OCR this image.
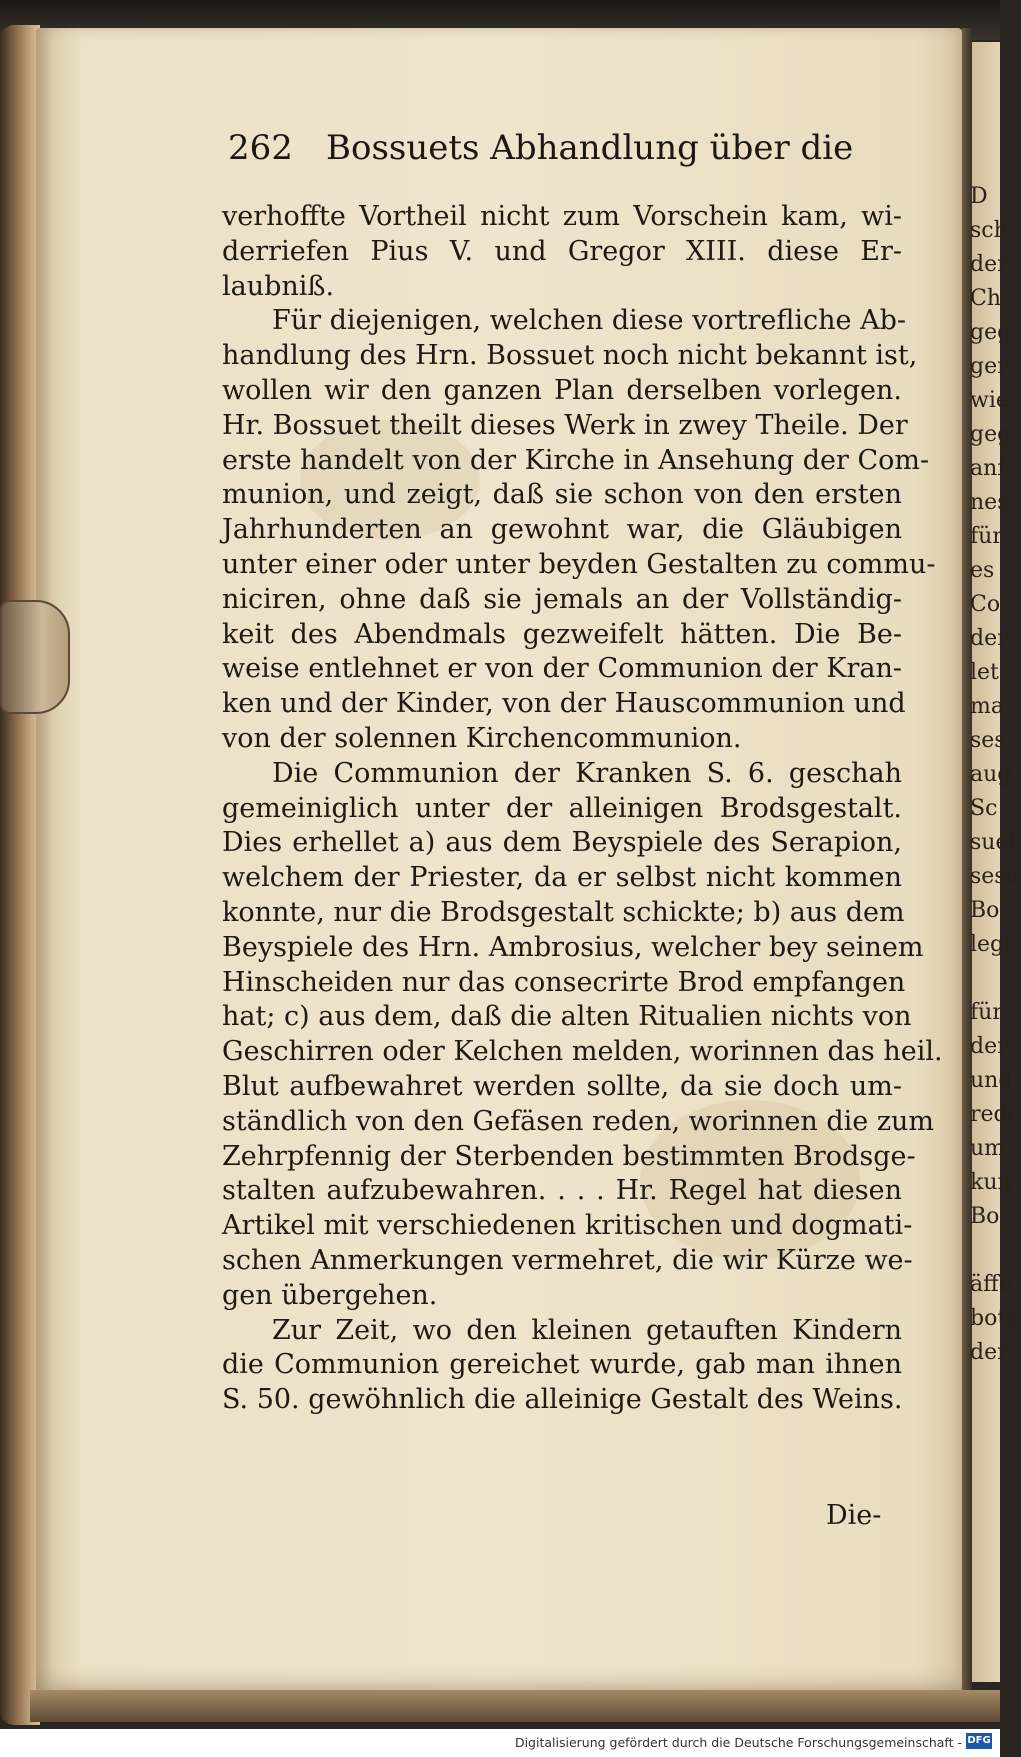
262 Bossuets Abhandlung über die
verhoffte Vortheil nicht zum Vorschein kam, wi-
derriefen Pius V. und Gregor XIII. diese Er-
laubniß.
Für diejenigen, welchen diese vortrefliche Ab-
handlung des Hrn. Bossuet noch nicht bekannt ist,
wollen wir den ganzen Plan derselben vorlegen.
Hr. Bossuet theilt dieses Werk in zwey Theile. Der
erste handelt von der Kirche in Ansehung der Com-
munion, und zeigt, daß sie schon von den ersten
Jahrhunderten an gewohnt war, die Gläubigen
unter einer oder unter beyden Gestalten zu commu-
niciren, ohne daß sie jemals an der Vollständig-
keit des Abendmals gezweifelt hätten. Die Be-
weise entlehnet er von der Communion der Kran-
ken und der Kinder, von der Hauscommunion und
von der solennen Kirchencommunion.
Die Communion der Kranken S. 6. geschah
gemeiniglich unter der alleinigen Brodsgestalt.
Dies erhellet a) aus dem Beyspiele des Serapion,
welchem der Priester, da er selbst nicht kommen
konnte, nur die Brodsgestalt schickte; b) aus dem
Beyspiele des Hrn. Ambrosius, welcher bey seinem
Hinscheiden nur das consecrirte Brod empfangen
hat; c) aus dem, daß die alten Ritualien nichts von
Geschirren oder Kelchen melden, worinnen das heil.
Blut aufbewahret werden sollte, da sie doch um-
ständlich von den Gefäsen reden, worinnen die zum
Zehrpfennig der Sterbenden bestimmten Brodsge-
stalten aufzubewahren. . . . Hr. Regel hat diesen
Artikel mit verschiedenen kritischen und dogmati-
schen Anmerkungen vermehret, die wir Kürze we-
gen übergehen.
Zur Zeit, wo den kleinen getauften Kindern
die Communion gereichet wurde, gab man ihnen
S. 50. gewöhnlich die alleinige Gestalt des Weins.
Die-
D
sch
der
Ch
geg
ger
wie
geg
anf
nes
für
es
Co
der
let
ma
ses
aug
Sc
suet
sese
Bo
legt

für
der
und
rede
um
kun
Bo

äffe
bote
der
Digitalisierung gefördert durch die Deutsche Forschungsgemeinschaft - DFG
